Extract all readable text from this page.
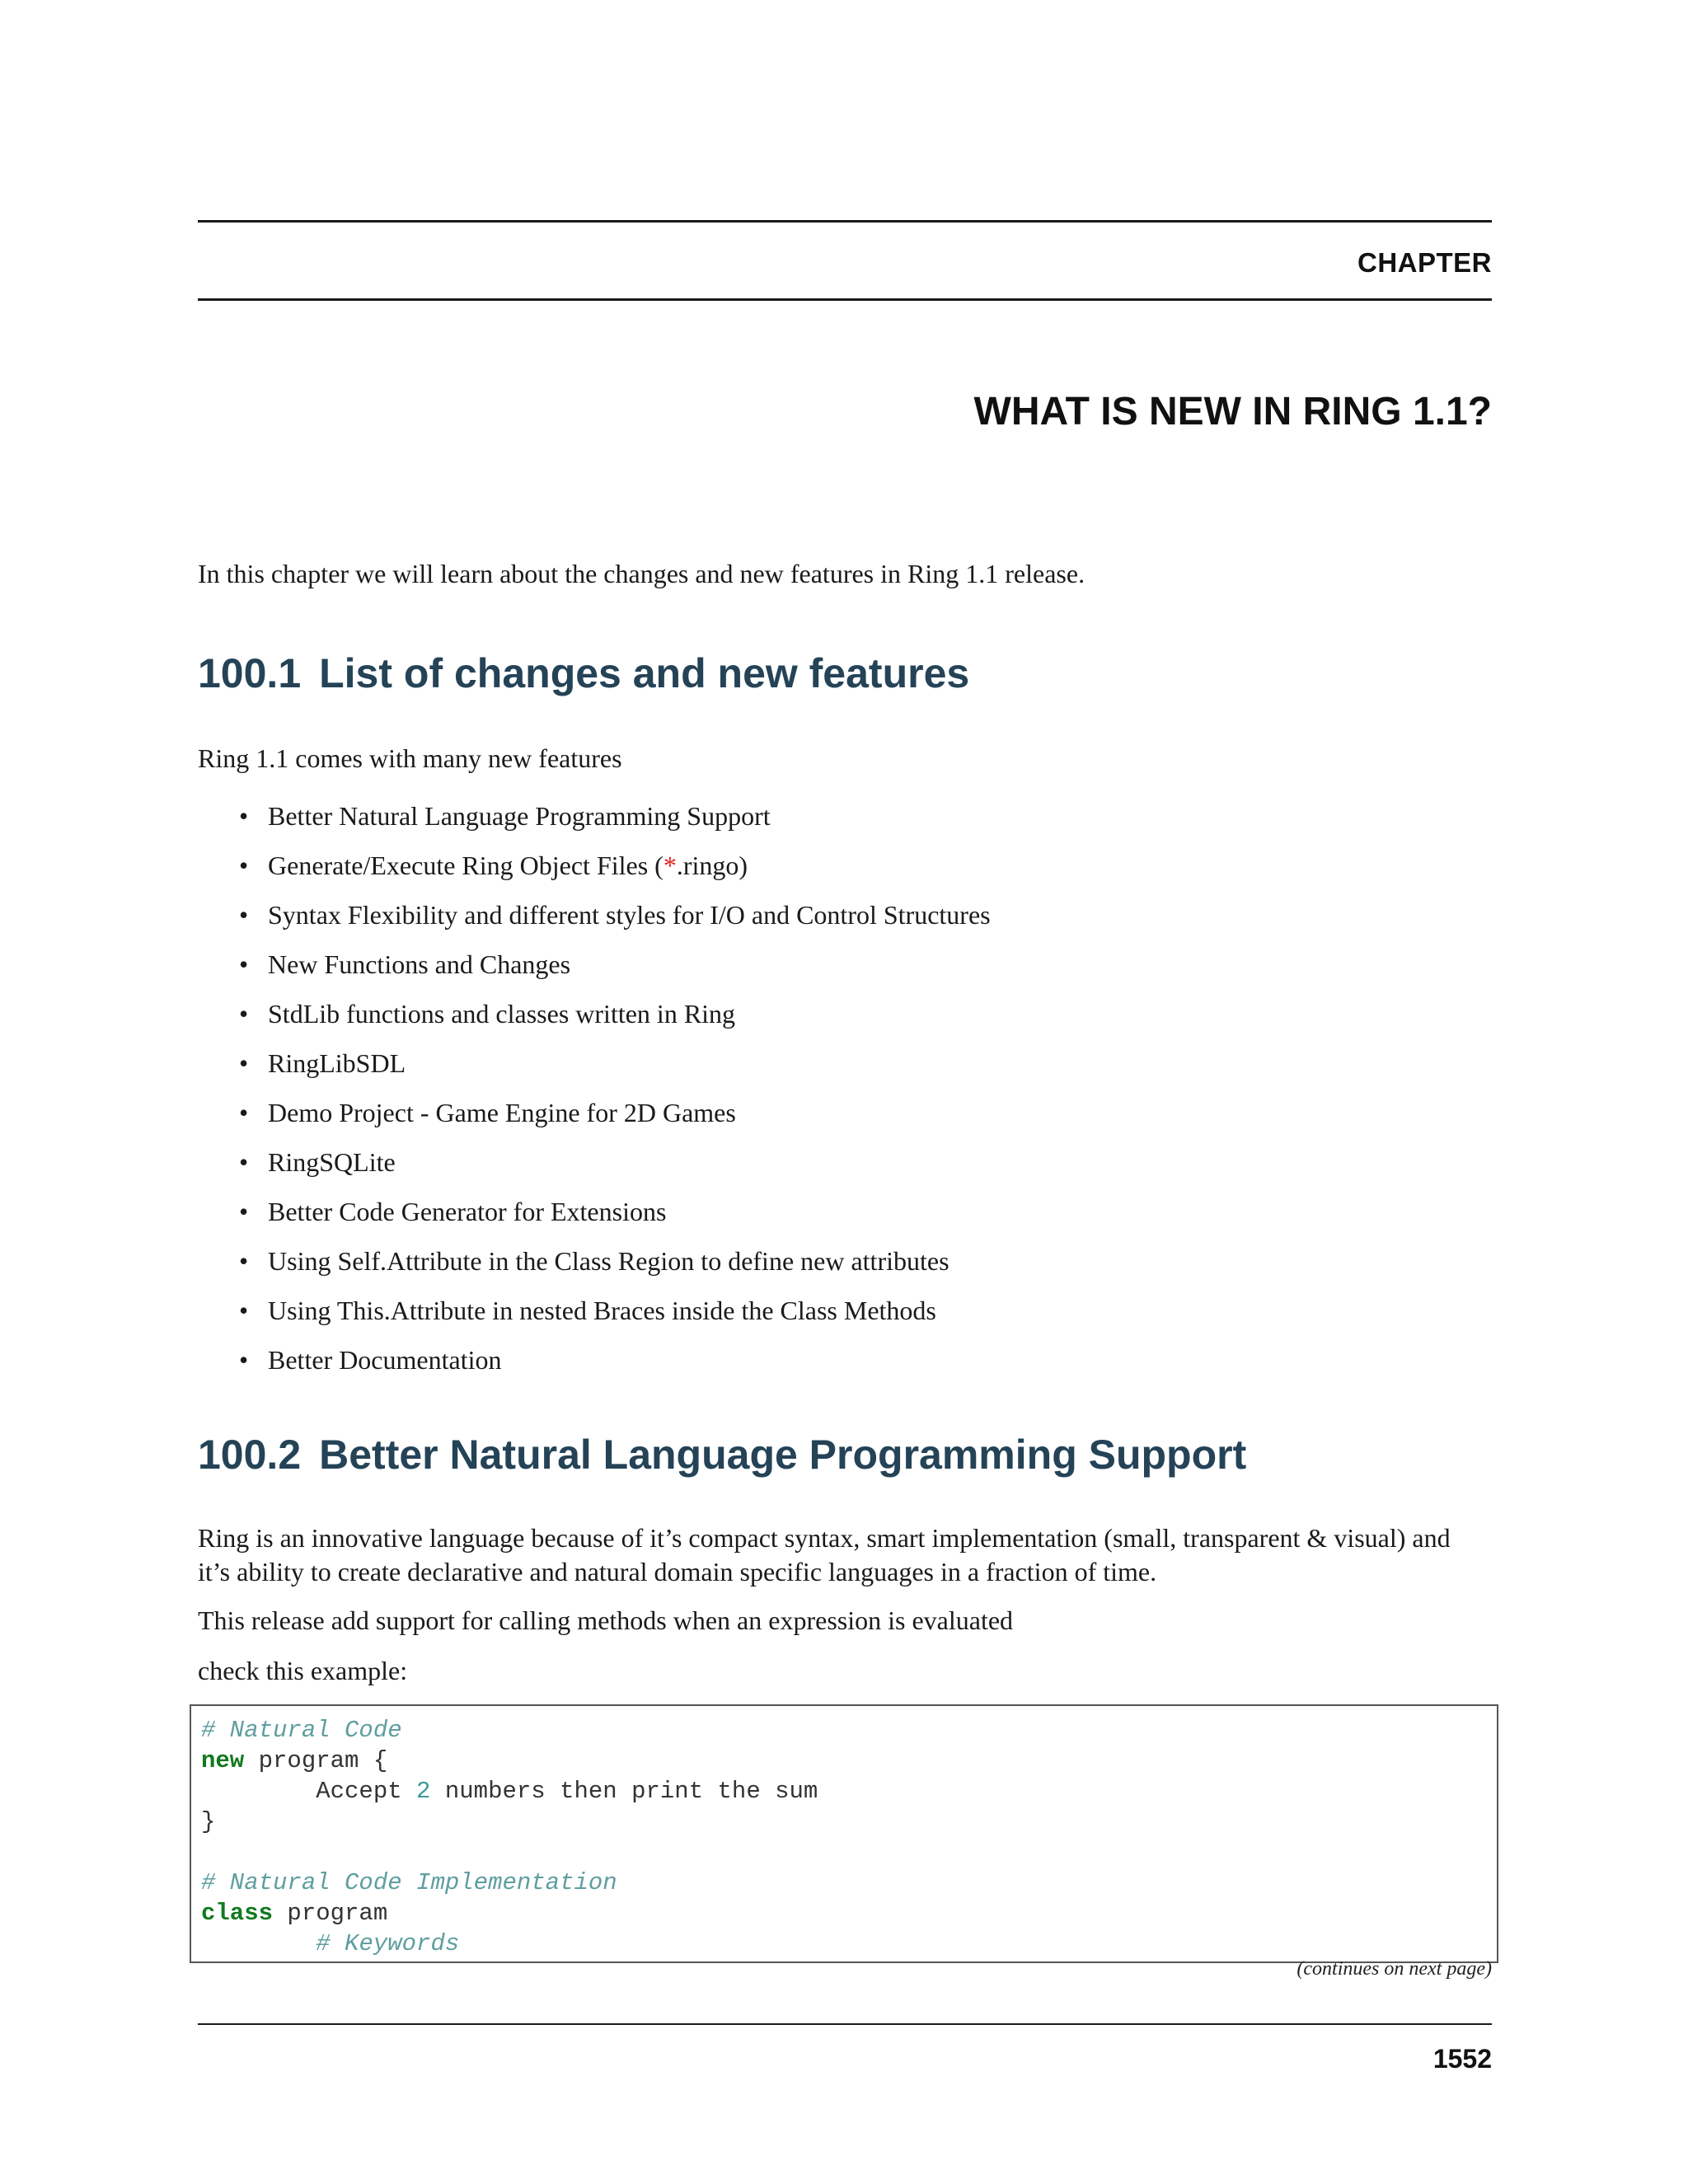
CHAPTER
WHAT IS NEW IN RING 1.1?
In this chapter we will learn about the changes and new features in Ring 1.1 release.
100.1 List of changes and new features
Ring 1.1 comes with many new features
• Better Natural Language Programming Support
• Generate/Execute Ring Object Files (*.ringo)
• Syntax Flexibility and different styles for I/O and Control Structures
• New Functions and Changes
• StdLib functions and classes written in Ring
• RingLibSDL
• Demo Project - Game Engine for 2D Games
• RingSQLite
• Better Code Generator for Extensions
• Using Self.Attribute in the Class Region to define new attributes
• Using This.Attribute in nested Braces inside the Class Methods
• Better Documentation
100.2 Better Natural Language Programming Support
Ring is an innovative language because of it’s compact syntax, smart implementation (small, transparent & visual) and
it’s ability to create declarative and natural domain specific languages in a fraction of time.
This release add support for calling methods when an expression is evaluated
check this example:
# Natural Code
new program {
Accept 2 numbers then print the sum
}
# Natural Code Implementation
class program
# Keywords
(continues on next page)
1552
